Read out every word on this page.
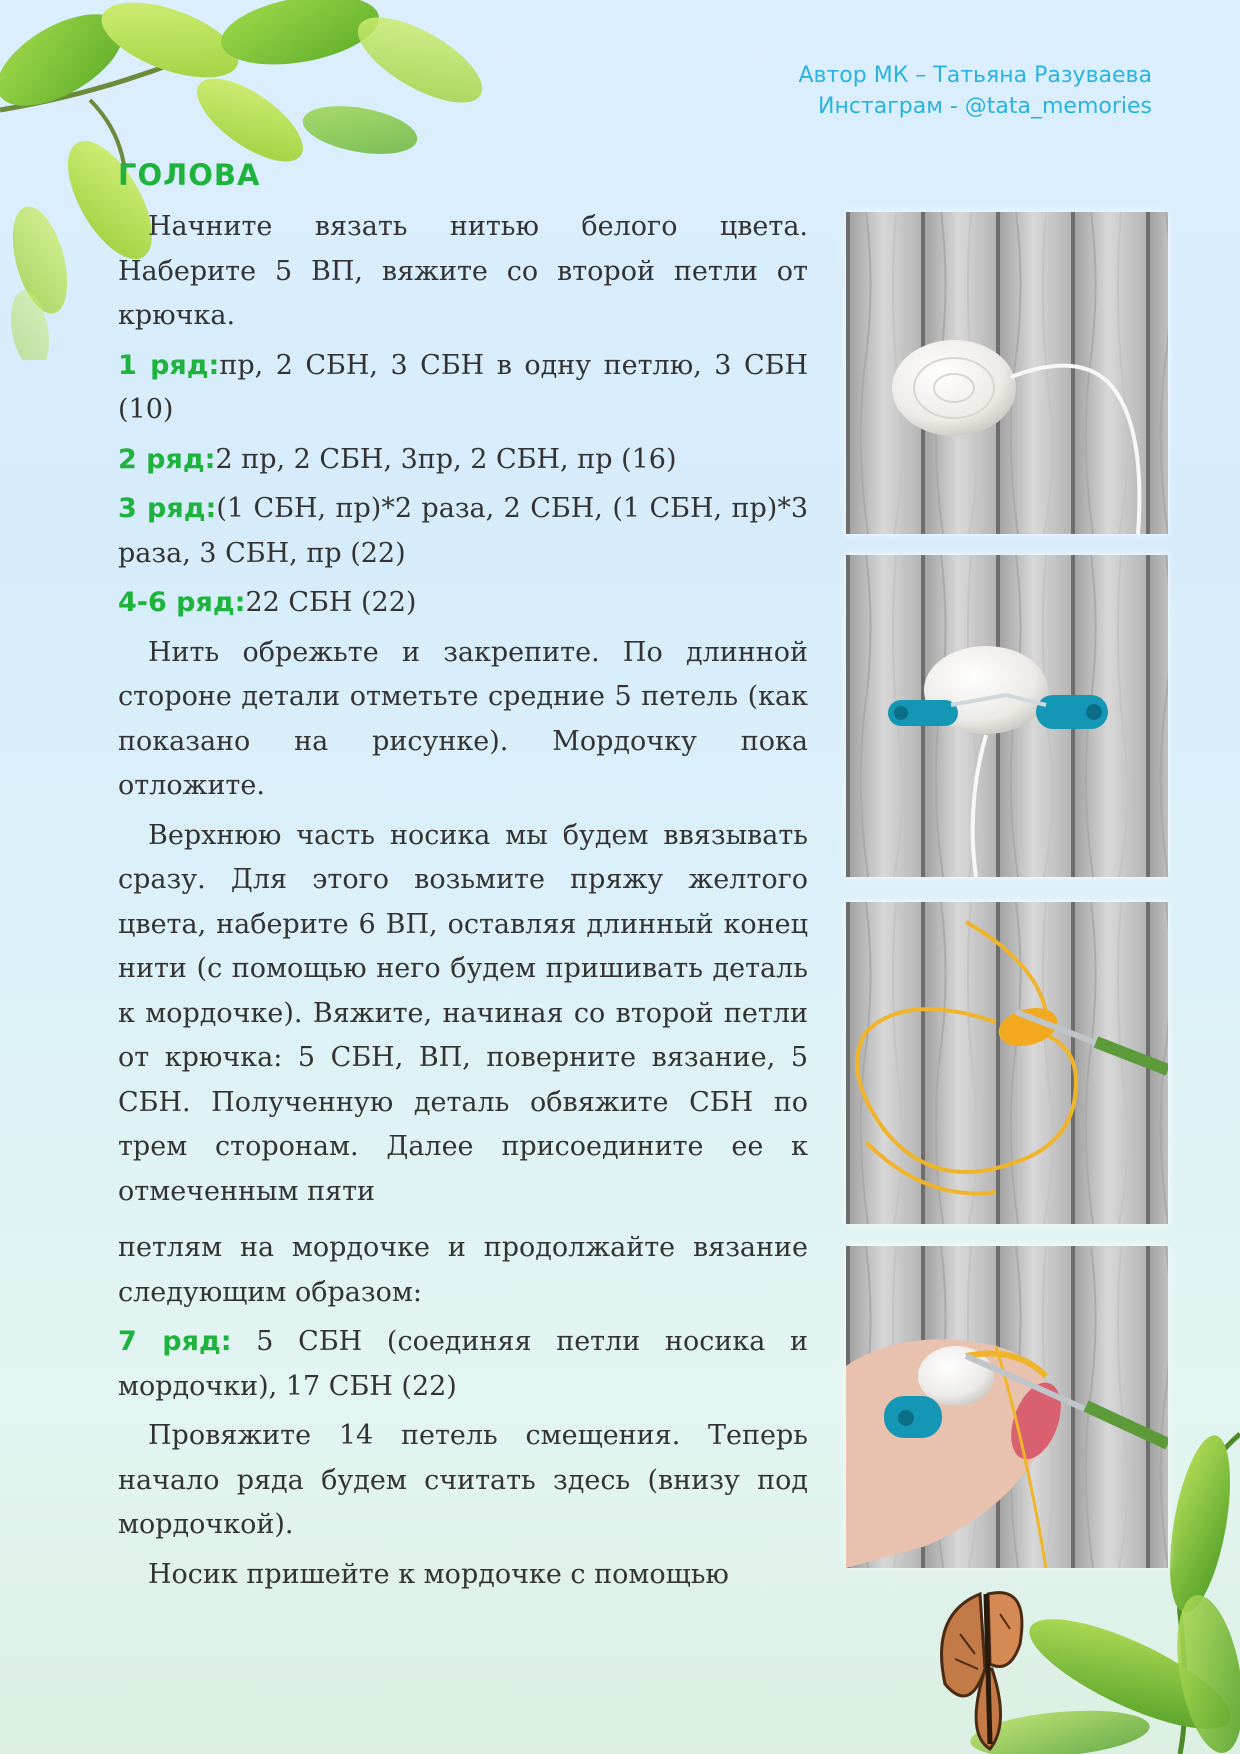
Автор МК – Татьяна Разуваева
Инстаграм - @tata_memories
ГОЛОВА

Начните вязать нитью белого цвета. Наберите 5 ВП, вяжите со второй петли от крючка.

1 ряд:пр, 2 СБН, 3 СБН в одну петлю, 3 СБН (10)

2 ряд:2 пр, 2 СБН, 3пр, 2 СБН, пр (16)

3 ряд:(1 СБН, пр)*2 раза, 2 СБН, (1 СБН, пр)*3 раза, 3 СБН, пр (22)

4-6 ряд:22 СБН (22)

Нить обрежьте и закрепите. По длинной стороне детали отметьте средние 5 петель (как показано на рисунке). Мордочку пока отложите.

Верхнюю часть носика мы будем ввязывать сразу. Для этого возьмите пряжу желтого цвета, наберите 6 ВП, оставляя длинный конец нити (с помощью него будем пришивать деталь к мордочке). Вяжите, начиная со второй петли от крючка: 5 СБН, ВП, поверните вязание, 5 СБН. Полученную деталь обвяжите СБН по трем сторонам. Далее присоедините ее к отмеченным пяти

петлям на мордочке и продолжайте вязание следующим образом:

7 ряд: 5 СБН (соединяя петли носика и мордочки), 17 СБН (22)

Провяжите 14 петель смещения. Теперь начало ряда будем считать здесь (внизу под мордочкой).

Носик пришейте к мордочке с помощью
